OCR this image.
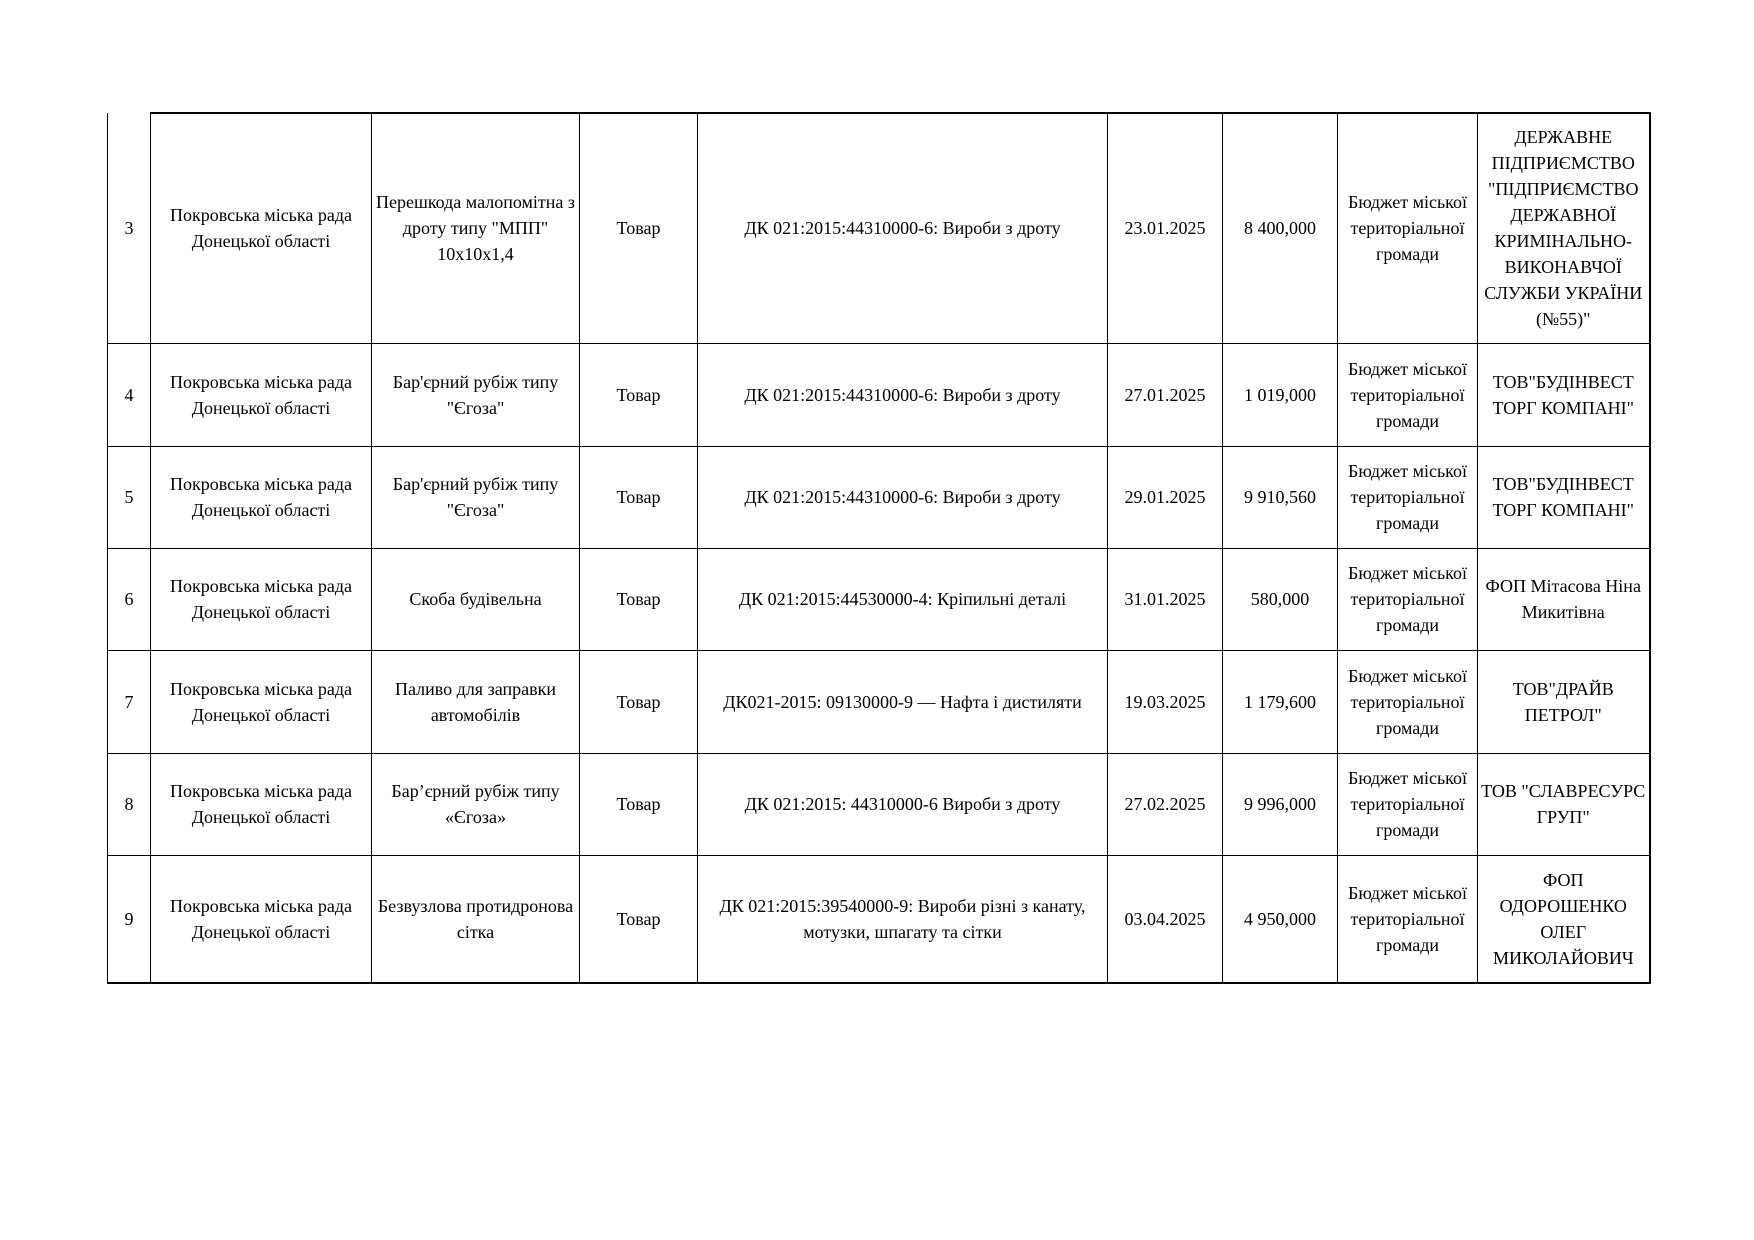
3	Покровська міська рада Донецької області	Перешкода малопомітна з дроту типу "МПП" 10х10х1,4	Товар	ДК 021:2015:44310000-6: Вироби з дроту	23.01.2025	8 400,000	Бюджет міської територіальної громади	ДЕРЖАВНЕ ПІДПРИЄМСТВО "ПІДПРИЄМСТВО ДЕРЖАВНОЇ КРИМІНАЛЬНО-ВИКОНАВЧОЇ СЛУЖБИ УКРАЇНИ (№55)"
4	Покровська міська рада Донецької області	Бар'єрний рубіж типу "Єгоза"	Товар	ДК 021:2015:44310000-6: Вироби з дроту	27.01.2025	1 019,000	Бюджет міської територіальної громади	ТОВ"БУДІНВЕСТ ТОРГ КОМПАНІ"
5	Покровська міська рада Донецької області	Бар'єрний рубіж типу "Єгоза"	Товар	ДК 021:2015:44310000-6: Вироби з дроту	29.01.2025	9 910,560	Бюджет міської територіальної громади	ТОВ"БУДІНВЕСТ ТОРГ КОМПАНІ"
6	Покровська міська рада Донецької області	Скоба будівельна	Товар	ДК 021:2015:44530000-4: Кріпильні деталі	31.01.2025	580,000	Бюджет міської територіальної громади	ФОП Мітасова Ніна Микитівна
7	Покровська міська рада Донецької області	Паливо для заправки автомобілів	Товар	ДК021-2015: 09130000-9 — Нафта і дистиляти	19.03.2025	1 179,600	Бюджет міської територіальної громади	ТОВ"ДРАЙВ ПЕТРОЛ"
8	Покровська міська рада Донецької області	Бар’єрний рубіж типу «Єгоза»	Товар	ДК 021:2015: 44310000-6 Вироби з дроту	27.02.2025	9 996,000	Бюджет міської територіальної громади	ТОВ "СЛАВРЕСУРС ГРУП"
9	Покровська міська рада Донецької області	Безвузлова протидронова сітка	Товар	ДК 021:2015:39540000-9: Вироби різні з канату, мотузки, шпагату та сітки	03.04.2025	4 950,000	Бюджет міської територіальної громади	ФОП ОДОРОШЕНКО ОЛЕГ МИКОЛАЙОВИЧ
